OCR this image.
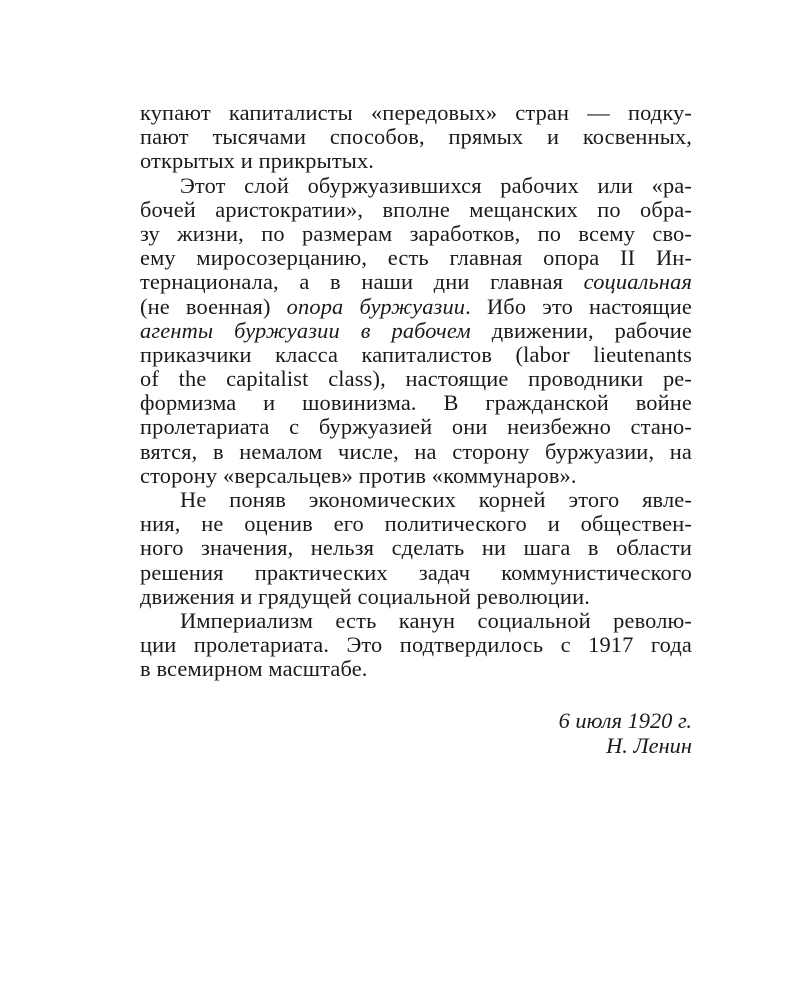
купают капиталисты «передовых» стран — подку-
пают тысячами способов, прямых и косвенных,
открытых и прикрытых.
Этот слой обуржуазившихся рабочих или «ра-
бочей аристократии», вполне мещанских по обра-
зу жизни, по размерам заработков, по всему сво-
ему миросозерцанию, есть главная опора II Ин-
тернационала, а в наши дни главная социальная
(не военная) опора буржуазии. Ибо это настоящие
агенты буржуазии в рабочем движении, рабочие
приказчики класса капиталистов (labor lieutenants
of the capitalist class), настоящие проводники ре-
формизма и шовинизма. В гражданской войне
пролетариата с буржуазией они неизбежно стано-
вятся, в немалом числе, на сторону буржуазии, на
сторону «версальцев» против «коммунаров».
Не поняв экономических корней этого явле-
ния, не оценив его политического и обществен-
ного значения, нельзя сделать ни шага в области
решения практических задач коммунистического
движения и грядущей социальной революции.
Империализм есть канун социальной револю-
ции пролетариата. Это подтвердилось с 1917 года
в всемирном масштабе.
6 июля 1920 г.
Н. Ленин
